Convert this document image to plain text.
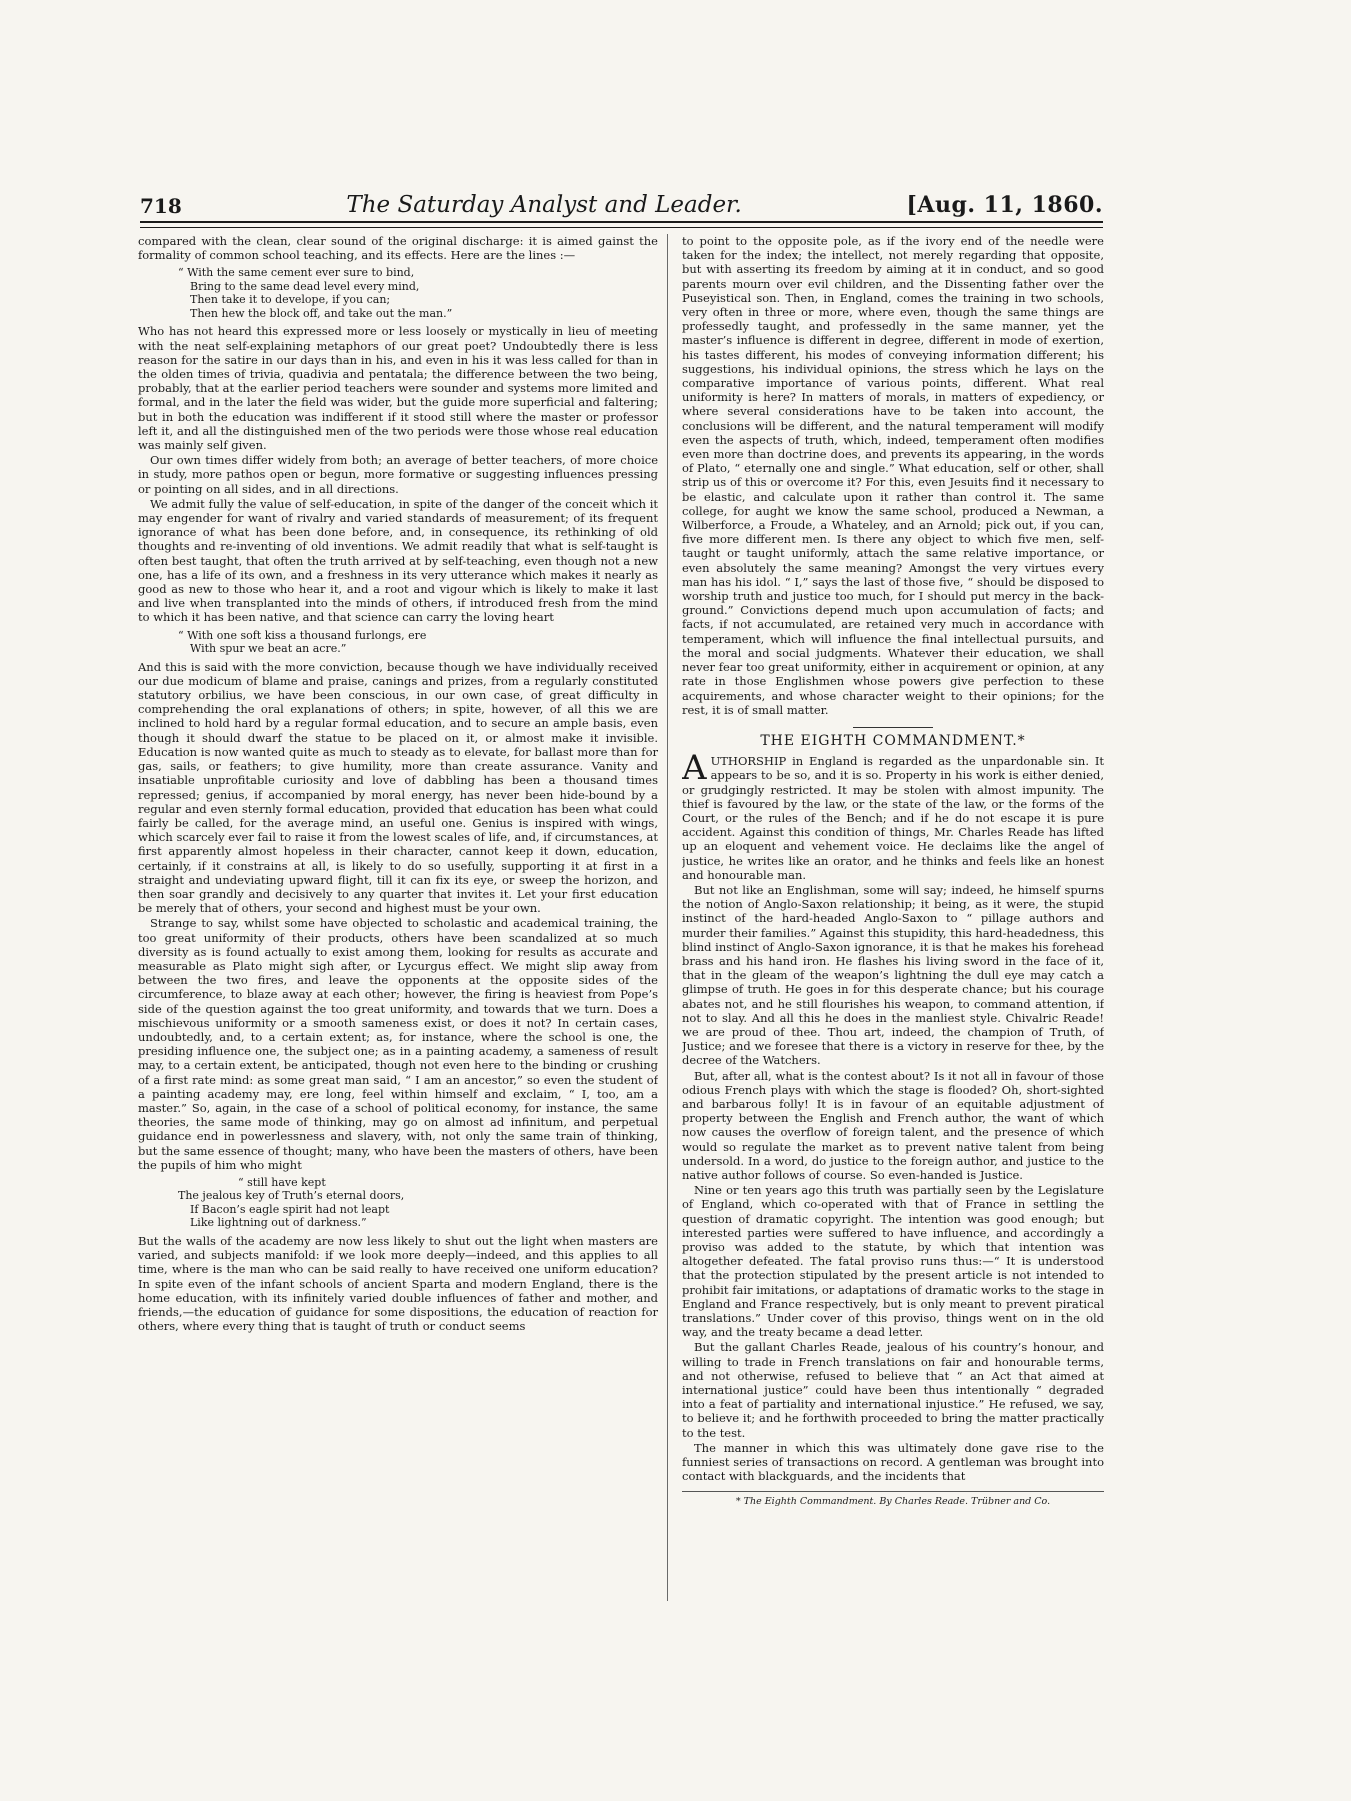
718	The Saturday Analyst and Leader.	[Aug. 11, 1860.

compared with the clean, clear sound of the original discharge: it is aimed gainst the formality of common school teaching, and its effects. Here are the lines :—

“ With the same cement ever sure to bind,
Bring to the same dead level every mind,
Then take it to develope, if you can;
Then hew the block off, and take out the man.”

Who has not heard this expressed more or less loosely or mystically in lieu of meeting with the neat self-explaining metaphors of our great poet? Undoubtedly there is less reason for the satire in our days than in his, and even in his it was less called for than in the olden times of trivia, quadivia and pentatala; the difference between the two being, probably, that at the earlier period teachers were sounder and systems more limited and formal, and in the later the field was wider, but the guide more superficial and faltering; but in both the education was indifferent if it stood still where the master or professor left it, and all the distinguished men of the two periods were those whose real education was mainly self given.

Our own times differ widely from both; an average of better teachers, of more choice in study, more pathos open or begun, more formative or suggesting influences pressing or pointing on all sides, and in all directions.

We admit fully the value of self-education, in spite of the danger of the conceit which it may engender for want of rivalry and varied standards of measurement; of its frequent ignorance of what has been done before, and, in consequence, its rethinking of old thoughts and re-inventing of old inventions. We admit readily that what is self-taught is often best taught, that often the truth arrived at by self-teaching, even though not a new one, has a life of its own, and a freshness in its very utterance which makes it nearly as good as new to those who hear it, and a root and vigour which is likely to make it last and live when transplanted into the minds of others, if introduced fresh from the mind to which it has been native, and that science can carry the loving heart

“ With one soft kiss a thousand furlongs, ere
With spur we beat an acre.”

And this is said with the more conviction, because though we have individually received our due modicum of blame and praise, canings and prizes, from a regularly constituted statutory orbilius, we have been conscious, in our own case, of great difficulty in comprehending the oral explanations of others; in spite, however, of all this we are inclined to hold hard by a regular formal education, and to secure an ample basis, even though it should dwarf the statue to be placed on it, or almost make it invisible. Education is now wanted quite as much to steady as to elevate, for ballast more than for gas, sails, or feathers; to give humility, more than create assurance. Vanity and insatiable unprofitable curiosity and love of dabbling has been a thousand times repressed; genius, if accompanied by moral energy, has never been hide-bound by a regular and even sternly formal education, provided that education has been what could fairly be called, for the average mind, an useful one. Genius is inspired with wings, which scarcely ever fail to raise it from the lowest scales of life, and, if circumstances, at first apparently almost hopeless in their character, cannot keep it down, education, certainly, if it constrains at all, is likely to do so usefully, supporting it at first in a straight and undeviating upward flight, till it can fix its eye, or sweep the horizon, and then soar grandly and decisively to any quarter that invites it. Let your first education be merely that of others, your second and highest must be your own.

Strange to say, whilst some have objected to scholastic and academical training, the too great uniformity of their products, others have been scandalized at so much diversity as is found actually to exist among them, looking for results as accurate and measurable as Plato might sigh after, or Lycurgus effect. We might slip away from between the two fires, and leave the opponents at the opposite sides of the circumference, to blaze away at each other; however, the firing is heaviest from Pope’s side of the question against the too great uniformity, and towards that we turn. Does a mischievous uniformity or a smooth sameness exist, or does it not? In certain cases, undoubtedly, and, to a certain extent; as, for instance, where the school is one, the presiding influence one, the subject one; as in a painting academy, a sameness of result may, to a certain extent, be anticipated, though not even here to the binding or crushing of a first rate mind: as some great man said, “ I am an ancestor,” so even the student of a painting academy may, ere long, feel within himself and exclaim, “ I, too, am a master.” So, again, in the case of a school of political economy, for instance, the same theories, the same mode of thinking, may go on almost ad infinitum, and perpetual guidance end in powerlessness and slavery, with, not only the same train of thinking, but the same essence of thought; many, who have been the masters of others, have been the pupils of him who might

“ still have kept
The jealous key of Truth’s eternal doors,
If Bacon’s eagle spirit had not leapt
Like lightning out of darkness.”

But the walls of the academy are now less likely to shut out the light when masters are varied, and subjects manifold: if we look more deeply—indeed, and this applies to all time, where is the man who can be said really to have received one uniform education? In spite even of the infant schools of ancient Sparta and modern England, there is the home education, with its infinitely varied double influences of father and mother, and friends,—the education of guidance for some dispositions, the education of reaction for others, where every thing that is taught of truth or conduct seems

to point to the opposite pole, as if the ivory end of the needle were taken for the index; the intellect, not merely regarding that opposite, but with asserting its freedom by aiming at it in conduct, and so good parents mourn over evil children, and the Dissenting father over the Puseyistical son. Then, in England, comes the training in two schools, very often in three or more, where even, though the same things are professedly taught, and professedly in the same manner, yet the master’s influence is different in degree, different in mode of exertion, his tastes different, his modes of conveying information different; his suggestions, his individual opinions, the stress which he lays on the comparative importance of various points, different. What real uniformity is here? In matters of morals, in matters of expediency, or where several considerations have to be taken into account, the conclusions will be different, and the natural temperament will modify even the aspects of truth, which, indeed, temperament often modifies even more than doctrine does, and prevents its appearing, in the words of Plato, “ eternally one and single.” What education, self or other, shall strip us of this or overcome it? For this, even Jesuits find it necessary to be elastic, and calculate upon it rather than control it. The same college, for aught we know the same school, produced a Newman, a Wilberforce, a Froude, a Whateley, and an Arnold; pick out, if you can, five more different men. Is there any object to which five men, self-taught or taught uniformly, attach the same relative importance, or even absolutely the same meaning? Amongst the very virtues every man has his idol. “ I,” says the last of those five, “ should be disposed to worship truth and justice too much, for I should put mercy in the back-ground.” Convictions depend much upon accumulation of facts; and facts, if not accumulated, are retained very much in accordance with temperament, which will influence the final intellectual pursuits, and the moral and social judgments. Whatever their education, we shall never fear too great uniformity, either in acquirement or opinion, at any rate in those Englishmen whose powers give perfection to these acquirements, and whose character weight to their opinions; for the rest, it is of small matter.

THE EIGHTH COMMANDMENT.*

AUTHORSHIP in England is regarded as the unpardonable sin. It appears to be so, and it is so. Property in his work is either denied, or grudgingly restricted. It may be stolen with almost impunity. The thief is favoured by the law, or the state of the law, or the forms of the Court, or the rules of the Bench; and if he do not escape it is pure accident. Against this condition of things, Mr. Charles Reade has lifted up an eloquent and vehement voice. He declaims like the angel of justice, he writes like an orator, and he thinks and feels like an honest and honourable man.

But not like an Englishman, some will say; indeed, he himself spurns the notion of Anglo-Saxon relationship; it being, as it were, the stupid instinct of the hard-headed Anglo-Saxon to “ pillage authors and murder their families.” Against this stupidity, this hard-headedness, this blind instinct of Anglo-Saxon ignorance, it is that he makes his forehead brass and his hand iron. He flashes his living sword in the face of it, that in the gleam of the weapon’s lightning the dull eye may catch a glimpse of truth. He goes in for this desperate chance; but his courage abates not, and he still flourishes his weapon, to command attention, if not to slay. And all this he does in the manliest style. Chivalric Reade! we are proud of thee. Thou art, indeed, the champion of Truth, of Justice; and we foresee that there is a victory in reserve for thee, by the decree of the Watchers.

But, after all, what is the contest about? Is it not all in favour of those odious French plays with which the stage is flooded? Oh, short-sighted and barbarous folly! It is in favour of an equitable adjustment of property between the English and French author, the want of which now causes the overflow of foreign talent, and the presence of which would so regulate the market as to prevent native talent from being undersold. In a word, do justice to the foreign author, and justice to the native author follows of course. So even-handed is Justice.

Nine or ten years ago this truth was partially seen by the Legislature of England, which co-operated with that of France in settling the question of dramatic copyright. The intention was good enough; but interested parties were suffered to have influence, and accordingly a proviso was added to the statute, by which that intention was altogether defeated. The fatal proviso runs thus:—“ It is understood that the protection stipulated by the present article is not intended to prohibit fair imitations, or adaptations of dramatic works to the stage in England and France respectively, but is only meant to prevent piratical translations.” Under cover of this proviso, things went on in the old way, and the treaty became a dead letter.

But the gallant Charles Reade, jealous of his country’s honour, and willing to trade in French translations on fair and honourable terms, and not otherwise, refused to believe that “ an Act that aimed at international justice” could have been thus intentionally “ degraded into a feat of partiality and international injustice.” He refused, we say, to believe it; and he forthwith proceeded to bring the matter practically to the test.

The manner in which this was ultimately done gave rise to the funniest series of transactions on record. A gentleman was brought into contact with blackguards, and the incidents that

* The Eighth Commandment. By Charles Reade. Trübner and Co.
